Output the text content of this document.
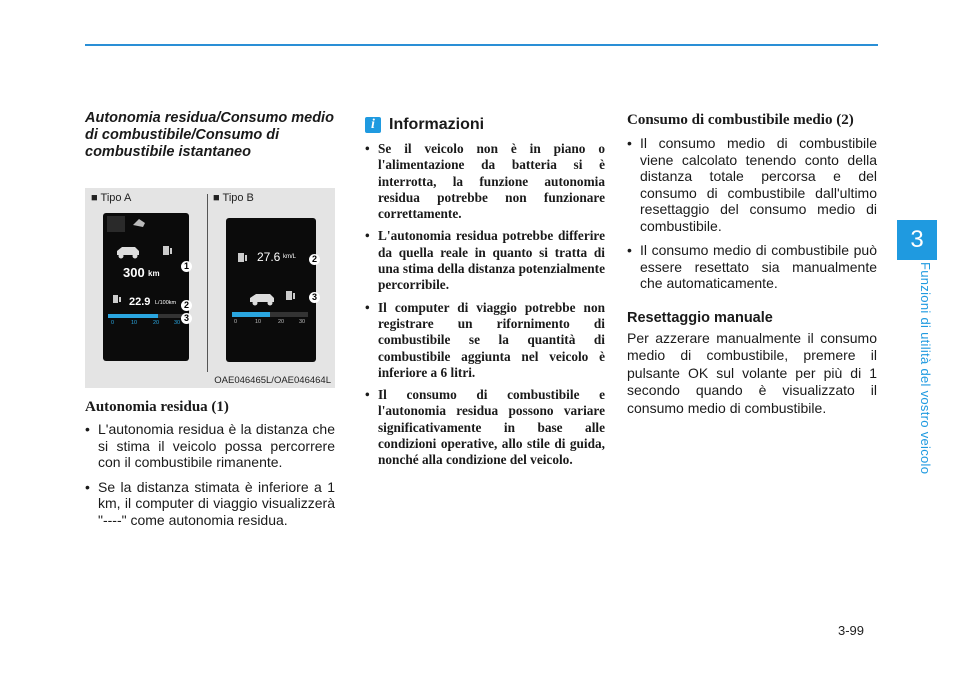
Autonomia residua/Consumo medio di combustibile/Consumo di combustibile istantaneo

■ Tipo A	■ Tipo B
300 km
22.9 L/100km
0	10	20	30
1
2
3
27.6 km/L
0	10	20	30
2
3
OAE046465L/OAE046464L

Autonomia residua (1)

• L'autonomia residua è la distanza che si stima il veicolo possa percorrere con il combustibile rimanente.
• Se la distanza stimata è inferiore a 1 km, il computer di viaggio visualizzerà "----" come autonomia residua.
i Informazioni
• Se il veicolo non è in piano o l'alimentazione da batteria si è interrotta, la funzione autonomia residua potrebbe non funzionare correttamente.
• L'autonomia residua potrebbe differire da quella reale in quanto si tratta di una stima della distanza potenzialmente percorribile.
• Il computer di viaggio potrebbe non registrare un rifornimento di combustibile se la quantità di combustibile aggiunta nel veicolo è inferiore a 6 litri.
• Il consumo di combustibile e l'autonomia residua possono variare significativamente in base alle condizioni operative, allo stile di guida, nonché alla condizione del veicolo.

Consumo di combustibile medio (2)

• Il consumo medio di combustibile viene calcolato tenendo conto della distanza totale percorsa e del consumo di combustibile dall'ultimo resettaggio del consumo medio di combustibile.
• Il consumo medio di combustibile può essere resettato sia manualmente che automaticamente.

Resettaggio manuale

Per azzerare manualmente il consumo medio di combustibile, premere il pulsante OK sul volante per più di 1 secondo quando è visualizzato il consumo medio di combustibile.

3
Funzioni di utilità del vostro veicolo
3-99
